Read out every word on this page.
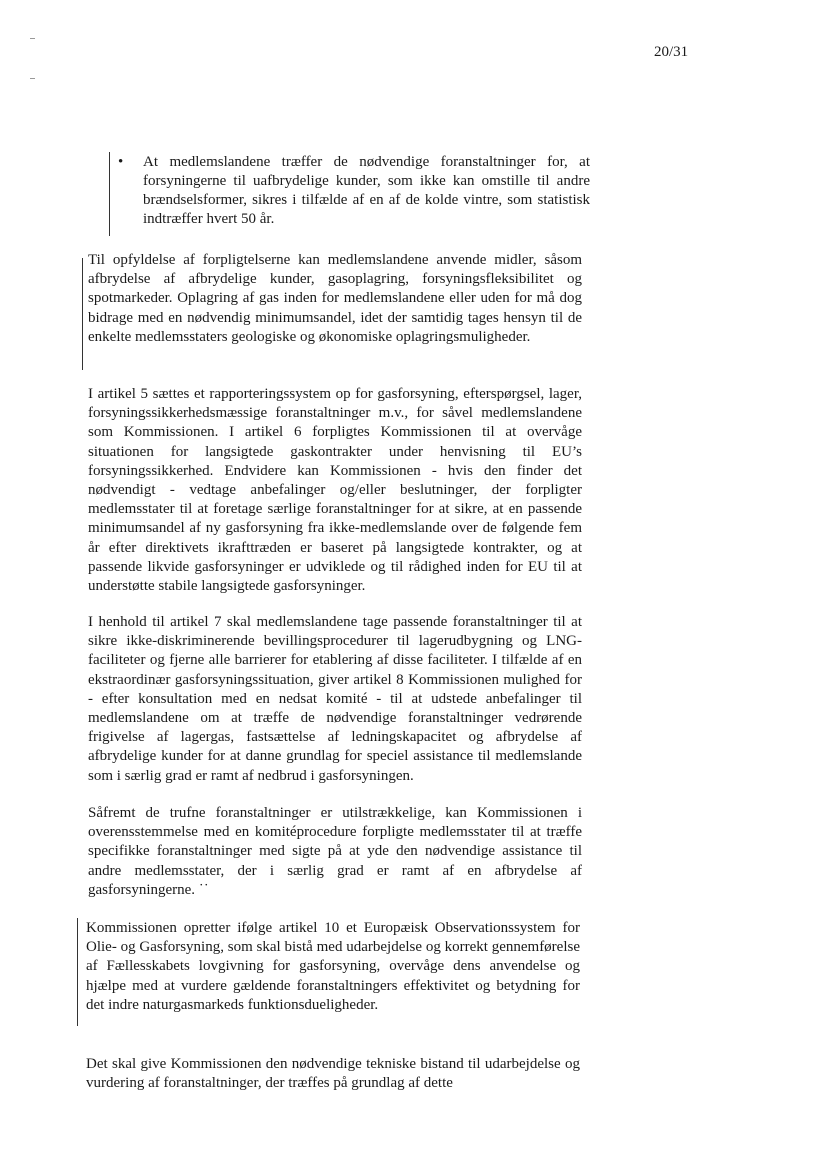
20/31
• At medlemslandene træffer de nødvendige foranstaltninger for, at forsyningerne til uafbrydelige kunder, som ikke kan omstille til andre brændselsformer, sikres i tilfælde af en af de kolde vintre, som statistisk indtræffer hvert 50 år.

Til opfyldelse af forpligtelserne kan medlemslandene anvende midler, såsom afbrydelse af afbrydelige kunder, gasoplagring, forsyningsfleksibilitet og spotmarkeder. Oplagring af gas inden for medlemslandene eller uden for må dog bidrage med en nødvendig minimumsandel, idet der samtidig tages hensyn til de enkelte medlemsstaters geologiske og økonomiske oplagringsmuligheder.

I artikel 5 sættes et rapporteringssystem op for gasforsyning, efterspørgsel, lager, forsyningssikkerhedsmæssige foranstaltninger m.v., for såvel medlemslandene som Kommissionen. I artikel 6 forpligtes Kommissionen til at overvåge situationen for langsigtede gaskontrakter under henvisning til EU’s forsyningssikkerhed. Endvidere kan Kommissionen - hvis den finder det nødvendigt - vedtage anbefalinger og/eller beslutninger, der forpligter medlemsstater til at foretage særlige foranstaltninger for at sikre, at en passende minimumsandel af ny gasforsyning fra ikke-medlemslande over de følgende fem år efter direktivets ikrafttræden er baseret på langsigtede kontrakter, og at passende likvide gasforsyninger er udviklede og til rådighed inden for EU til at understøtte stabile langsigtede gasforsyninger.

I henhold til artikel 7 skal medlemslandene tage passende foranstaltninger til at sikre ikke-diskriminerende bevillingsprocedurer til lagerudbygning og LNG-faciliteter og fjerne alle barrierer for etablering af disse faciliteter. I tilfælde af en ekstraordinær gasforsyningssituation, giver artikel 8 Kommissionen mulighed for - efter konsultation med en nedsat komité - til at udstede anbefalinger til medlemslandene om at træffe de nødvendige foranstaltninger vedrørende frigivelse af lagergas, fastsættelse af ledningskapacitet og afbrydelse af afbrydelige kunder for at danne grundlag for speciel assistance til medlemslande som i særlig grad er ramt af nedbrud i gasforsyningen.

Såfremt de trufne foranstaltninger er utilstrækkelige, kan Kommissionen i overensstemmelse med en komitéprocedure forpligte medlemsstater til at træffe specifikke foranstaltninger med sigte på at yde den nødvendige assistance til andre medlemsstater, der i særlig grad er ramt af en afbrydelse af gasforsyningerne. ˙˙

Kommissionen opretter ifølge artikel 10 et Europæisk Observationssystem for Olie- og Gasforsyning, som skal bistå med udarbejdelse og korrekt gennemførelse af Fællesskabets lovgivning for gasforsyning, overvåge dens anvendelse og hjælpe med at vurdere gældende foranstaltningers effektivitet og betydning for det indre naturgasmarkeds funktionsdueligheder.

Det skal give Kommissionen den nødvendige tekniske bistand til udarbejdelse og vurdering af foranstaltninger, der træffes på grundlag af dette
